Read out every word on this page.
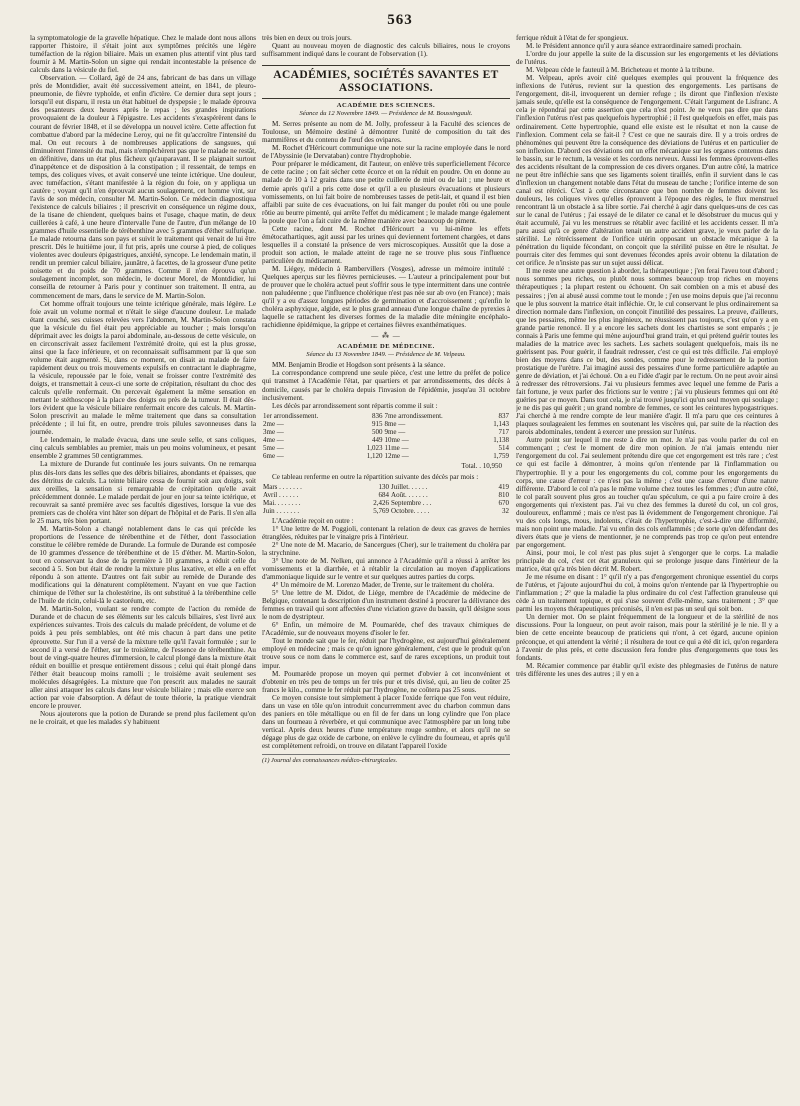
563

la symptomatologie de la gravelle hépatique. Chez le malade dont nous allons rapporter l'histoire, il s'était joint aux symptômes précités une légère tuméfaction de la région biliaire. Mais un examen plus attentif vint plus tard fournir à M. Martin-Solon un signe qui rendait incontestable la présence de calculs dans la vésicule du fiel.

Observation. — Collard, âgé de 24 ans, fabricant de bas dans un village près de Montdidier, avait été successivement atteint, en 1841, de pleuro-pneumonie, de fièvre typhoïde, et enfin d'ictère. Ce dernier dura sept jours ; lorsqu'il eut disparu, il resta un état habituel de dyspepsie ; le malade éprouva des pesanteurs deux heures après le repas ; les grandes inspirations provoquaient de la douleur à l'épigastre. Les accidents s'exaspérèrent dans le courant de février 1848, et il se développa un nouvel ictère. Cette affection fut combattue d'abord par la médecine Leroy, qui ne fit qu'accroître l'intensité du mal. On eut recours à de nombreuses applications de sangsues, qui diminuèrent l'intensité du mal, mais n'empêchèrent pas que le malade ne restât, en définitive, dans un état plus fâcheux qu'auparavant. Il se plaignait surtout d'inappétence et de disposition à la constipation ; il ressentait, de temps en temps, des coliques vives, et avait conservé une teinte ictérique. Une douleur, avec tuméfaction, s'étant manifestée à la région du foie, on y appliqua un cautère ; voyant qu'il n'en éprouvait aucun soulagement, cet homme vint, sur l'avis de son médecin, consulter M. Martin-Solon. Ce médecin diagnostiqua l'existence de calculs biliaires ; il prescrivit en conséquence un régime doux, de la tisane de chiendent, quelques bains et l'usage, chaque matin, de deux cuillerées à café, à une heure d'intervalle l'une de l'autre, d'un mélange de 10 grammes d'huile essentielle de térébenthine avec 5 grammes d'éther sulfurique. Le malade retourna dans son pays et suivit le traitement qui venait de lui être prescrit. Dès le huitième jour, il fut pris, après une course à pied, de coliques violentes avec douleurs épigastriques, anxiété, syncope. Le lendemain matin, il rendit un premier calcul biliaire, jaunâtre, à facettes, de la grosseur d'une petite noisette et du poids de 70 grammes. Comme il n'en éprouva qu'un soulagement incomplet, son médecin, le docteur Morel, de Montdidier, lui conseilla de retourner à Paris pour y continuer son traitement. Il entra, au commencement de mars, dans le service de M. Martin-Solon.

Cet homme offrait toujours une teinte ictérique générale, mais légère. Le foie avait un volume normal et n'était le siège d'aucune douleur. Le malade étant couché, ses cuisses relevées vers l'abdomen, M. Martin-Solon constata que la vésicule du fiel était peu appréciable au toucher ; mais lorsqu'on déprimait avec les doigts la paroi abdominale, au-dessous de cette vésicule, on en circonscrivait assez facilement l'extrémité droite, qui est la plus grosse, ainsi que la face inférieure, et on reconnaissait suffisamment par là que son volume était augmenté. Si, dans ce moment, on disait au malade de faire rapidement deux ou trois mouvements expulsifs en contractant le diaphragme, la vésicule, repoussée par le foie, venait se froisser contre l'extrémité des doigts, et transmettait à ceux-ci une sorte de crépitation, résultant du choc des calculs qu'elle renfermait. On percevait également la même sensation en mettant le stéthoscope à la place des doigts ou près de la tumeur. Il était dès-lors évident que la vésicule biliaire renfermait encore des calculs. M. Martin-Solon prescrivit au malade le même traitement que dans sa consultation précédente ; il lui fit, en outre, prendre trois pilules savonneuses dans la journée.

Le lendemain, le malade évacua, dans une seule selle, et sans coliques, cinq calculs semblables au premier, mais un peu moins volumineux, et pesant ensemble 2 grammes 50 centigrammes.

La mixture de Durande fut continuée les jours suivants. On ne remarqua plus dès-lors dans les selles que des débris biliaires, abondants et épaisses, que des détritus de calculs. La teinte biliaire cessa de fournir soit aux doigts, soit aux oreilles, la sensation si remarquable de crépitation qu'elle avait précédemment donnée. Le malade perdait de jour en jour sa teinte ictérique, et recouvrait sa santé première avec ses facultés digestives, lorsque la vue des premiers cas de choléra vint hâter son départ de l'hôpital et de Paris. Il s'en alla le 25 mars, très bien portant.

M. Martin-Solon a changé notablement dans le cas qui précède les proportions de l'essence de térébenthine et de l'éther, dont l'association constitue le célèbre remède de Durande. La formule de Durande est composée de 10 grammes d'essence de térébenthine et de 15 d'éther. M. Martin-Solon, tout en conservant la dose de la première à 10 grammes, a réduit celle du second à 5. Son but était de rendre la mixture plus laxative, et elle a en effet répondu à son attente. D'autres ont fait subir au remède de Durande des modifications qui la dénaturent complètement. N'ayant en vue que l'action chimique de l'éther sur la cholestérine, ils ont substitué à la térébenthine celle de l'huile de ricin, celui-là le castoréum, etc.

M. Martin-Solon, voulant se rendre compte de l'action du remède de Durande et de chacun de ses éléments sur les calculs biliaires, s'est livré aux expériences suivantes. Trois des calculs du malade précédent, de volume et de poids à peu près semblables, ont été mis chacun à part dans une petite éprouvette. Sur l'un il a versé de la mixture telle qu'il l'avait formulée ; sur le second il a versé de l'éther, sur le troisième, de l'essence de térébenthine. Au bout de vingt-quatre heures d'immersion, le calcul plongé dans la mixture était réduit en bouillie et presque entièrement dissous ; celui qui était plongé dans l'éther était beaucoup moins ramolli ; le troisième avait seulement ses molécules désagrégées. La mixture que l'on prescrit aux malades ne saurait aller ainsi attaquer les calculs dans leur vésicule biliaire ; mais elle exerce son action par voie d'absorption. A défaut de toute théorie, la pratique viendrait encore le prouver.

Nous ajouterons que la potion de Durande se prend plus facilement qu'on ne le croirait, et que les malades s'y habituent

très bien en deux ou trois jours.

Quant au nouveau moyen de diagnostic des calculs biliaires, nous le croyons suffisamment indiqué dans le courant de l'observation (1).

ACADÉMIES, SOCIÉTÉS SAVANTES ET ASSOCIATIONS.
ACADÉMIE DES SCIENCES.
Séance du 12 Novembre 1849. — Présidence de M. Boussingault.

M. Serres présente au nom de M. Jolly, professeur à la Faculté des sciences de Toulouse, un Mémoire destiné à démontrer l'unité de composition du tait des mammifères et du contenu de l'œuf des ovipares.

M. Rochet d'Héricourt communique une note sur la racine employée dans le nord de l'Abyssinie (le Dervataban) contre l'hydrophobie.

Pour préparer le médicament, dit l'auteur, on enlève très superficiellement l'écorce de cette racine ; on fait sécher cette écorce et on la réduit en poudre. On en donne au malade de 10 à 12 grains dans une petite cuillerée de miel ou de lait ; une heure et demie après qu'il a pris cette dose et qu'il a eu plusieurs évacuations et plusieurs vomissements, on lui fait boire de nombreuses tasses de petit-lait, et quand il est bien affaibli par suite de ces évacuations, on lui fait manger du poulet rôti ou une poule rôtie au beurre pimenté, qui arrête l'effet du médicament ; le malade mange également la poule que l'on a fait cuire de la même manière avec beaucoup de piment.

Cette racine, dont M. Rochet d'Héricourt a vu lui-même les effets émétocathartiques, agit aussi par les urines qui deviennent fortement chargées, et dans lesquelles il a constaté la présence de vers microscopiques. Aussitôt que la dose a produit son action, le malade atteint de rage ne se trouve plus sous l'influence particulière du médicament.

M. Liégey, médecin à Rambervillers (Vosges), adresse un mémoire intitulé : Quelques aperçus sur les fièvres pernicieuses. — L'auteur a principalement pour but de prouver que le choléra actuel peut s'offrir sous le type intermittent dans une contrée non paludéenne ; que l'influence cholérique n'est pas née sur ab ovo (en France) ; mais qu'il y a eu d'assez longues périodes de germination et d'accroissement ; qu'enfin le choléra asphyxique, algide, est le plus grand anneau d'une longue chaîne de pyrexies à laquelle se rattachent les diverses formes de la maladie dite méningite encéphalo-rachidienne épidémique, la grippe et certaines fièvres exanthématiques.

— ⁂ —
ACADÉMIE DE MÉDECINE.
Séance du 13 Novembre 1849. — Présidence de M. Velpeau.

MM. Benjamin Brodie et Hogdson sont présents à la séance.

La correspondance comprend une seule pièce, c'est une lettre du préfet de police qui transmet à l'Académie l'état, par quartiers et par arrondissements, des décès à domicile, causés par le choléra depuis l'invasion de l'épidémie, jusqu'au 31 octobre inclusivement.

Les décès par arrondissement sont répartis comme il suit :

1er arrondissement.	836	7me arrondissement.	837
2me —	915	8me —	1,143
3me —	500	9me —	717
4me —	449	10me —	1,138
5me —	1,023	11me —	514
6me —	1,120	12me —	1,759
Total. . 10,950

Ce tableau renferme en outre la répartition suivante des décès par mois :

Mars . . . . . . .	130	Juillet. . . . . .	419
Avril . . . . . .	684	Août. . . . . . .	810
Mai. . . . . . . .	2,426	Septembre . . .	670
Juin . . . . . . .	5,769	Octobre. . . . .	32

L'Académie reçoit en outre :

1° Une lettre de M. Poggioli, contenant la relation de deux cas graves de hernies étranglées, réduites par le vinaigre pris à l'intérieur.

2° Une note de M. Macario, de Sancergues (Cher), sur le traitement du choléra par la strychnine.

3° Une note de M. Nelken, qui annonce à l'Académie qu'il a réussi à arrêter les vomissements et la diarrhée, et à rétablir la circulation au moyen d'applications d'ammoniaque liquide sur le ventre et sur quelques autres parties du corps.

4° Un mémoire de M. Lorenzo Mader, de Trente, sur le traitement du choléra.

5° Une lettre de M. Didot, de Liége, membre de l'Académie de médecine de Belgique, contenant la description d'un instrument destiné à procurer la délivrance des femmes en travail qui sont affectées d'une viciation grave du bassin, qu'il désigne sous le nom de dystripteur.

6° Enfin, un mémoire de M. Poumarède, chef des travaux chimiques de l'Académie, sur de nouveaux moyens d'isoler le fer.

Tout le monde sait que le fer, réduit par l'hydrogène, est aujourd'hui généralement employé en médecine ; mais ce qu'on ignore généralement, c'est que le produit qu'on trouve sous ce nom dans le commerce est, sauf de rares exceptions, un produit tout impur.

M. Poumarède propose un moyen qui permet d'obvier à cet inconvénient et d'obtenir en très peu de temps un fer très pur et très divisé, qui, au lieu de coûter 25 francs le kilo., comme le fer réduit par l'hydrogène, ne coûtera pas 25 sous.

Ce moyen consiste tout simplement à placer l'oxide ferrique que l'on veut réduire, dans un vase en tôle qu'on introduit concurremment avec du charbon commun dans des paniers en tôle métallique ou en fil de fer dans un long cylindre que l'on place dans un fourneau à réverbère, et qui communique avec l'atmosphère par un long tube vertical. Après deux heures d'une température rouge sombre, et alors qu'il ne se dégage plus de gaz oxide de carbone, on enlève le cylindre du fourneau, et après qu'il est complètement refroidi, on trouve en dilatant l'appareil l'oxide

(1) Journal des connaissances médico-chirurgicales.

ferrique réduit à l'état de fer spongieux.

M. le Président annonce qu'il y aura séance extraordinaire samedi prochain.

L'ordre du jour appelle la suite de la discussion sur les engorgements et les déviations de l'utérus.

M. Velpeau cède le fauteuil à M. Bricheteau et monte à la tribune.

M. Velpeau, après avoir cité quelques exemples qui prouvent la fréquence des inflexions de l'utérus, revient sur la question des engorgements. Les partisans de l'engorgement, dit-il, invoquerent un dernier refuge ; ils diront que l'inflexion n'existe jamais seule, qu'elle est la conséquence de l'engorgement. C'était l'argument de Lisfranc. A cela je répondrai par cette assertion que cela n'est point. Je ne veux pas dire que dans l'inflexion l'utérus n'est pas quelquefois hypertrophié ; il l'est quelquefois en effet, mais pas ordinairement. Cette hypertrophie, quand elle existe est le résultat et non la cause de l'inflexion. Comment cela se fait-il ? C'est ce que ne saurais dire. Il y a trois ordres de phénomènes qui peuvent être la conséquence des déviations de l'utérus et en particulier de son inflexion. D'abord ces déviations ont un effet mécanique sur les organes contenus dans le bassin, sur le rectum, la vessie et les cordons nerveux. Aussi les femmes éprouvent-elles des accidents résultant de la compression de ces divers organes. D'un autre côté, la matrice ne peut être infléchie sans que ses ligaments soient tiraillés, enfin il survient dans le cas d'inflexion un changement notable dans l'état du museau de tanche ; l'orifice interne de son canal est rétréci. C'est à cette circonstance que bon nombre de femmes doivent les douleurs, les coliques vives qu'elles éprouvent à l'époque des règles, le flux menstruel rencontrant là un obstacle à sa libre sortie. J'ai cherché à agir dans quelques-uns de ces cas sur le canal de l'utérus ; j'ai essayé de le dilater ce canal et le désobstruer du mucus qui y était accumulé, j'ai vu les menstrues se rétablir avec facilité et les accidents cesser. Il m'a paru aussi qu'à ce genre d'altération tenait un autre accident grave, je veux parler de la stérilité. Le rétrécissement de l'orifice utérin opposant un obstacle mécanique à la pénétration du liquide fécondant, on conçoit que la stérilité puisse en être le résultat. Je pourrais citer des femmes qui sont devenues fécondes après avoir obtenu la dilatation de cet orifice. Je n'insiste pas sur un sujet aussi délicat.

Il me reste une autre question à aborder, la thérapeutique ; j'en ferai l'aveu tout d'abord ; nous sommes peu riches, ou plutôt nous sommes beaucoup trop riches en moyens thérapeutiques ; la plupart restent ou échouent. On sait combien on a mis et abusé des pessaires ; j'en ai abusé aussi comme tout le monde ; j'en use moins depuis que j'ai reconnu que le plus souvent la matrice était infléchie. Or, le cul conservant le plus ordinairement sa direction normale dans l'inflexion, on conçoit l'inutilité des pessaires. La preuve, d'ailleurs, que les pessaires, même les plus ingénieux, ne réussissent pas toujours, c'est qu'on y a en grande partie renoncé. Il y a encore les sachets dont les chartistes se sont emparés ; je connais à Paris une femme qui mène aujourd'hui grand train, et qui prétend guérir toutes les maladies de la matrice avec les sachets. Les sachets soulagent quelquefois, mais ils ne guérissent pas. Pour guérir, il faudrait redresser, c'est ce qui est très difficile. J'ai employé bien des moyens dans ce but, des sondes, comme pour le redressement de la portion prostatique de l'urètre. J'ai imaginé aussi des pessaires d'une forme particulière adaptée au genre de déviation, et j'ai échoué. On a eu l'idée d'agir par le rectum. On ne peut avoir ainsi à redresser des rétroversions. J'ai vu plusieurs femmes avec lequel une femme de Paris a fait fortune, je veux parler des frictions sur le ventre ; j'ai vu plusieurs femmes qui ont été guéries par ce moyen. Dans tout cela, je n'ai trouvé jusqu'ici qu'un seul moyen qui soulage ; je ne dis pas qui guérit ; un grand nombre de femmes, ce sont les ceintures hypogastriques. J'ai cherché à me rendre compte de leur manière d'agir. Il m'a paru que ces ceintures à plaques soulageaient les femmes en soutenant les viscères qui, par suite de la réaction des parois abdominales, tendent à exercer une pression sur l'utérus.

Autre point sur lequel il me reste à dire un mot. Je n'ai pas voulu parler du col en commençant ; c'est le moment de dire mon opinion. Je n'ai jamais entendu nier l'engorgement du col. J'ai seulement prétendu dire que cet engorgement est très rare ; c'est ce qui est facile à démontrer, à moins qu'on n'entende par là l'inflammation ou l'hypertrophie. Il y a pour les engorgements du col, comme pour les engorgements du corps, une cause d'erreur : ce n'est pas la même ; c'est une cause d'erreur d'une nature différente. D'abord le col n'a pas le même volume chez toutes les femmes ; d'un autre côté, le col paraît souvent plus gros au toucher qu'au spéculum, ce qui a pu faire croire à des engorgements qui n'existent pas. J'ai vu chez des femmes la dureté du col, un col gros, douloureux, enflammé ; mais ce n'est pas là évidemment de l'engorgement chronique. J'ai vu des cols longs, mous, indolents, c'était de l'hypertrophie, c'est-à-dire une difformité, mais non point une maladie. J'ai vu enfin des cols enflammés ; de sorte qu'en défendant des divers états que je viens de mentionner, je ne comprends pas trop ce qu'on peut entendre par engorgement.

Ainsi, pour moi, le col n'est pas plus sujet à s'engorger que le corps. La maladie principale du col, c'est cet état granuleux qui se prolonge jusque dans l'intérieur de la matrice, état qu'a très bien décrit M. Robert.

Je me résume en disant : 1° qu'il n'y a pas d'engorgement chronique essentiel du corps de l'utérus, et j'ajoute aujourd'hui du col, à moins qu'on n'entende par là l'hypertrophie ou l'inflammation ; 2° que la maladie la plus ordinaire du col c'est l'affection granuleuse qui cède à un traitement topique, et qui s'use souvent d'elle-même, sans traitement ; 3° que parmi les moyens thérapeutiques préconisés, il n'en est pas un seul qui soit bon.

Un dernier mot. On se plaint fréquemment de la longueur et de la stérilité de nos discussions. Pour la longueur, on peut avoir raison, mais pour la stérilité je le nie. Il y a bien de cette enceinte beaucoup de praticiens qui n'ont, à cet égard, aucune opinion préconçue, et qui attendent la vérité ; il résultera de tout ce qui a été dit ici, qu'on regardera à l'avenir de plus près, et cette discussion fera fondre plus d'engorgements que tous les fondants.

M. Récamier commence par établir qu'il existe des phlegmasies de l'utérus de nature très différente les unes des autres ; il y en a
